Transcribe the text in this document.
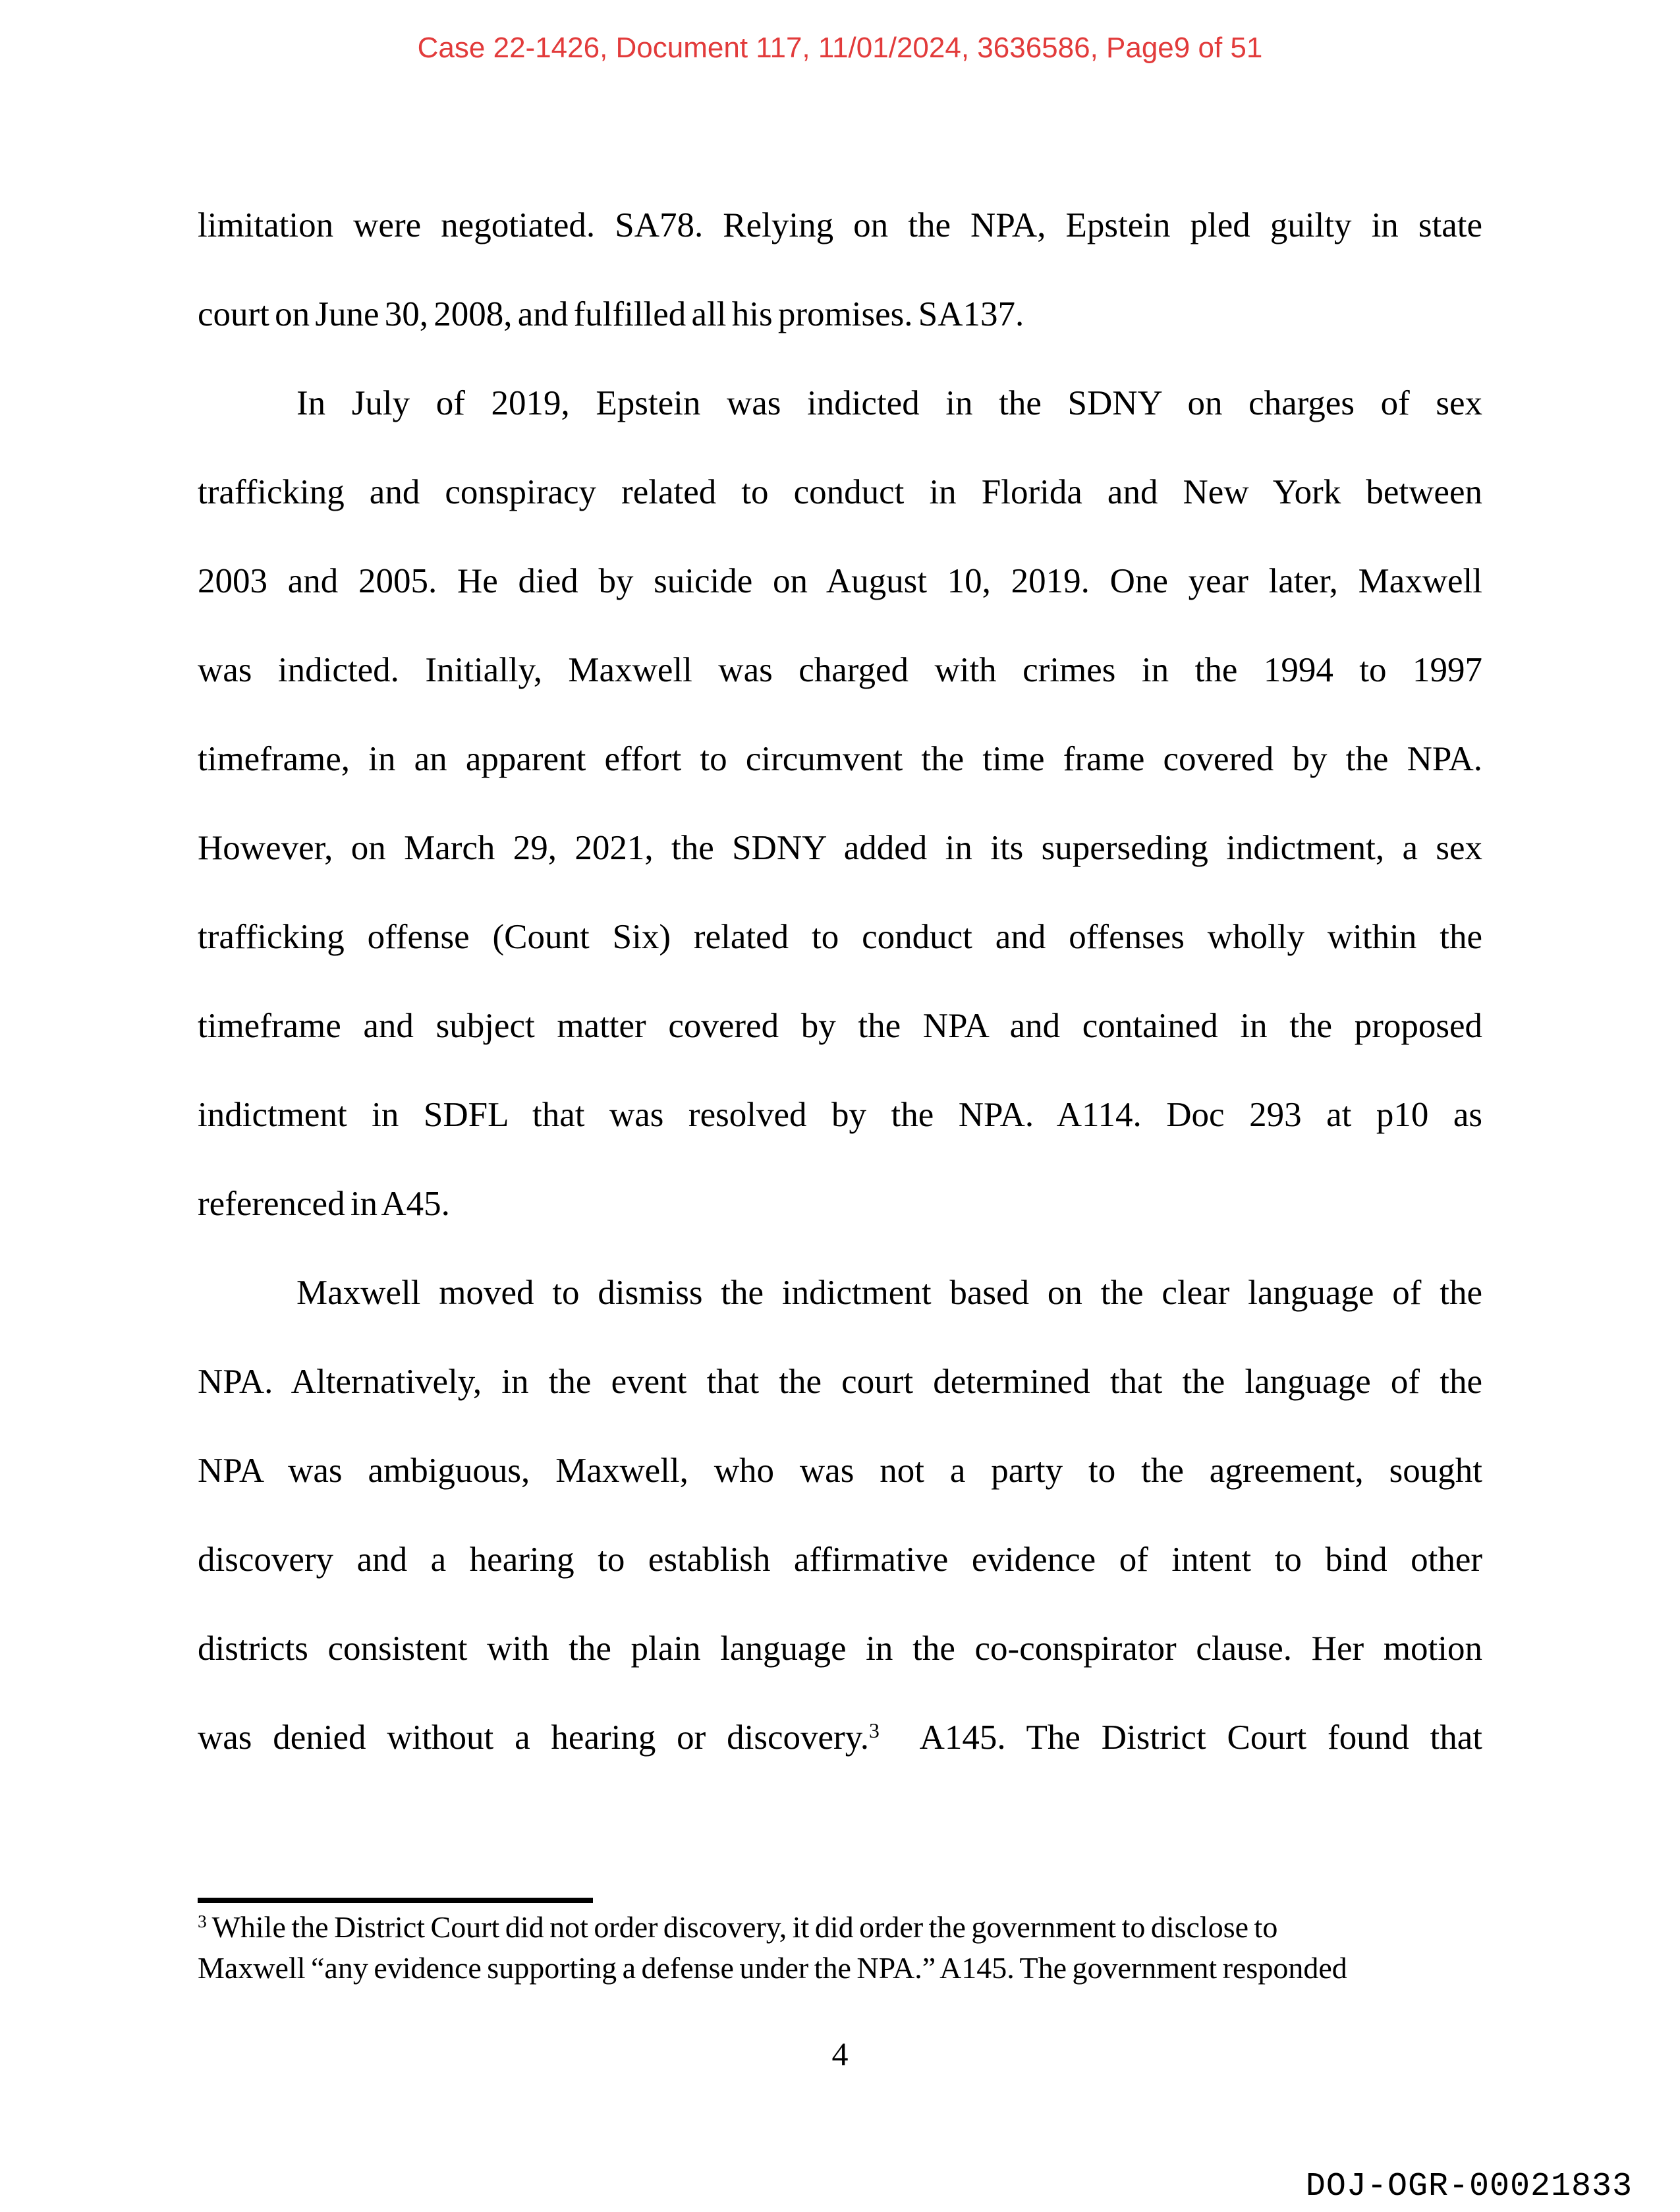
Case 22-1426, Document 117, 11/01/2024, 3636586, Page9 of 51
limitation were negotiated. SA78. Relying on the NPA, Epstein pled guilty in state
court on June 30, 2008, and fulfilled all his promises. SA137.
In July of 2019, Epstein was indicted in the SDNY on charges of sex
trafficking and conspiracy related to conduct in Florida and New York between
2003 and 2005. He died by suicide on August 10, 2019. One year later, Maxwell
was indicted. Initially, Maxwell was charged with crimes in the 1994 to 1997
timeframe, in an apparent effort to circumvent the time frame covered by the NPA.
However, on March 29, 2021, the SDNY added in its superseding indictment, a sex
trafficking offense (Count Six) related to conduct and offenses wholly within the
timeframe and subject matter covered by the NPA and contained in the proposed
indictment in SDFL that was resolved by the NPA. A114. Doc 293 at p10 as
referenced in A45.
Maxwell moved to dismiss the indictment based on the clear language of the
NPA. Alternatively, in the event that the court determined that the language of the
NPA was ambiguous, Maxwell, who was not a party to the agreement, sought
discovery and a hearing to establish affirmative evidence of intent to bind other
districts consistent with the plain language in the co-conspirator clause. Her motion
was denied without a hearing or discovery.$^3$  A145. The District Court found that
$^3$ While the District Court did not order discovery, it did order the government to disclose to
Maxwell “any evidence supporting a defense under the NPA.” A145. The government responded
4
DOJ-OGR-00021833
